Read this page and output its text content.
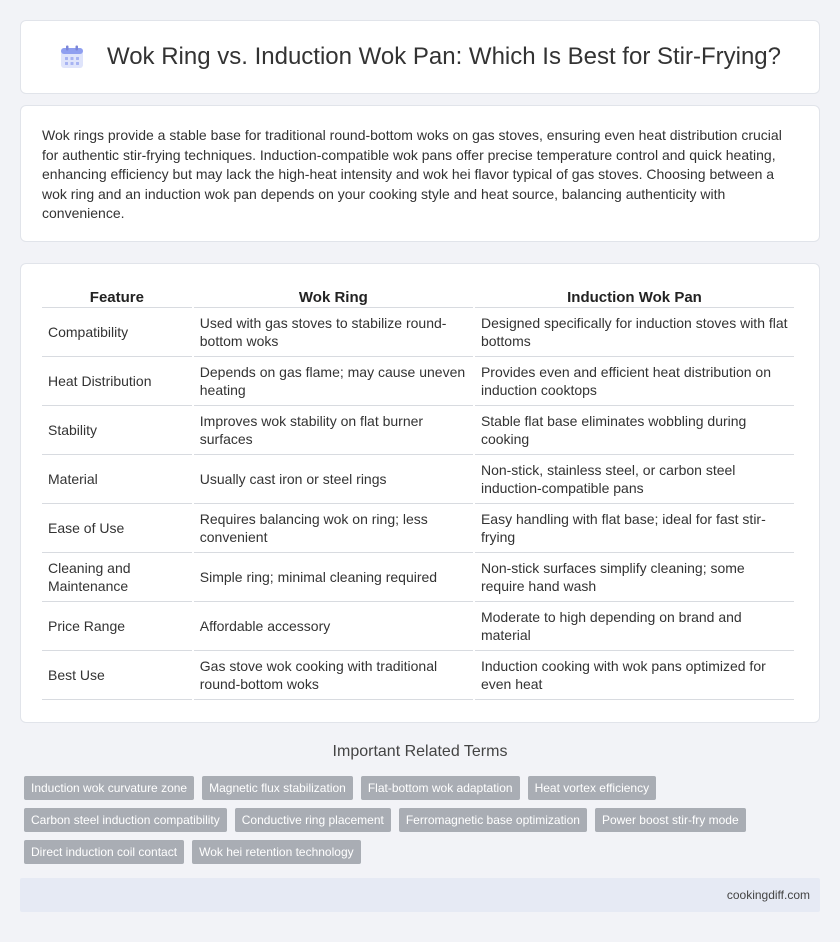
Wok Ring vs. Induction Wok Pan: Which Is Best for Stir-Frying?

Wok rings provide a stable base for traditional round-bottom woks on gas stoves, ensuring even heat distribution crucial for authentic stir-frying techniques. Induction-compatible wok pans offer precise temperature control and quick heating, enhancing efficiency but may lack the high-heat intensity and wok hei flavor typical of gas stoves. Choosing between a wok ring and an induction wok pan depends on your cooking style and heat source, balancing authenticity with convenience.

Feature	Wok Ring	Induction Wok Pan
Compatibility	Used with gas stoves to stabilize round-bottom woks	Designed specifically for induction stoves with flat bottoms
Heat Distribution	Depends on gas flame; may cause uneven heating	Provides even and efficient heat distribution on induction cooktops
Stability	Improves wok stability on flat burner surfaces	Stable flat base eliminates wobbling during cooking
Material	Usually cast iron or steel rings	Non-stick, stainless steel, or carbon steel induction-compatible pans
Ease of Use	Requires balancing wok on ring; less convenient	Easy handling with flat base; ideal for fast stir-frying
Cleaning and Maintenance	Simple ring; minimal cleaning required	Non-stick surfaces simplify cleaning; some require hand wash
Price Range	Affordable accessory	Moderate to high depending on brand and material
Best Use	Gas stove wok cooking with traditional round-bottom woks	Induction cooking with wok pans optimized for even heat
Important Related Terms
Induction wok curvature zone	Magnetic flux stabilization	Flat-bottom wok adaptation	Heat vortex efficiency
Carbon steel induction compatibility	Conductive ring placement	Ferromagnetic base optimization	Power boost stir-fry mode
Direct induction coil contact	Wok hei retention technology
cookingdiff.com
